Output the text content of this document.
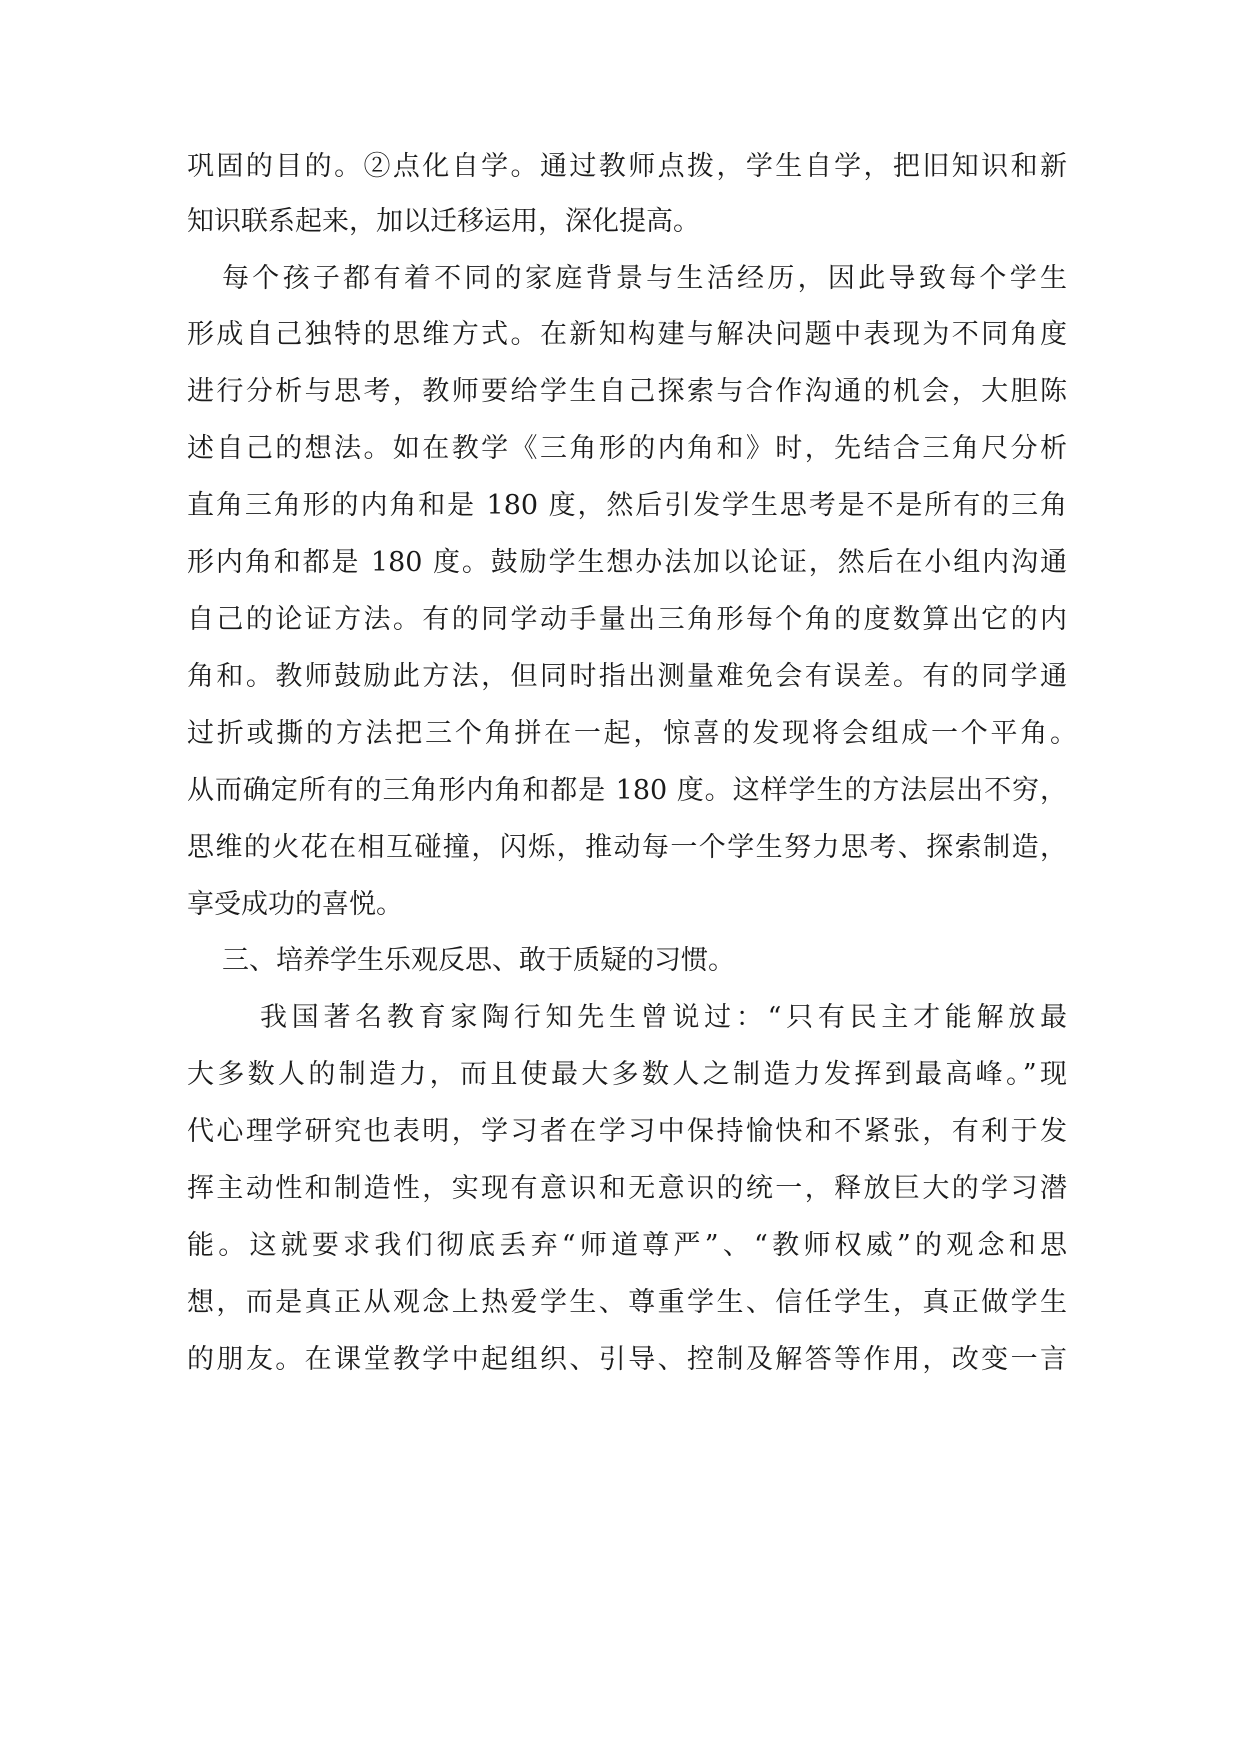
巩固的目的。②点化自学。通过教师点拨，学生自学，把旧知识和新
知识联系起来，加以迁移运用，深化提高。
每个孩子都有着不同的家庭背景与生活经历，因此导致每个学生
形成自己独特的思维方式。在新知构建与解决问题中表现为不同角度
进行分析与思考，教师要给学生自己探索与合作沟通的机会，大胆陈
述自己的想法。如在教学《三角形的内角和》时，先结合三角尺分析
直角三角形的内角和是 180 度，然后引发学生思考是不是所有的三角
形内角和都是 180 度。鼓励学生想办法加以论证，然后在小组内沟通
自己的论证方法。有的同学动手量出三角形每个角的度数算出它的内
角和。教师鼓励此方法，但同时指出测量难免会有误差。有的同学通
过折或撕的方法把三个角拼在一起，惊喜的发现将会组成一个平角。
从而确定所有的三角形内角和都是 180 度。这样学生的方法层出不穷，
思维的火花在相互碰撞，闪烁，推动每一个学生努力思考、探索制造，
享受成功的喜悦。
三、培养学生乐观反思、敢于质疑的习惯。
我国著名教育家陶行知先生曾说过：“只有民主才能解放最
大多数人的制造力，而且使最大多数人之制造力发挥到最高峰。”现
代心理学研究也表明，学习者在学习中保持愉快和不紧张，有利于发
挥主动性和制造性，实现有意识和无意识的统一，释放巨大的学习潜
能。这就要求我们彻底丢弃“师道尊严”、“教师权威”的观念和思
想，而是真正从观念上热爱学生、尊重学生、信任学生，真正做学生
的朋友。在课堂教学中起组织、引导、控制及解答等作用，改变一言
